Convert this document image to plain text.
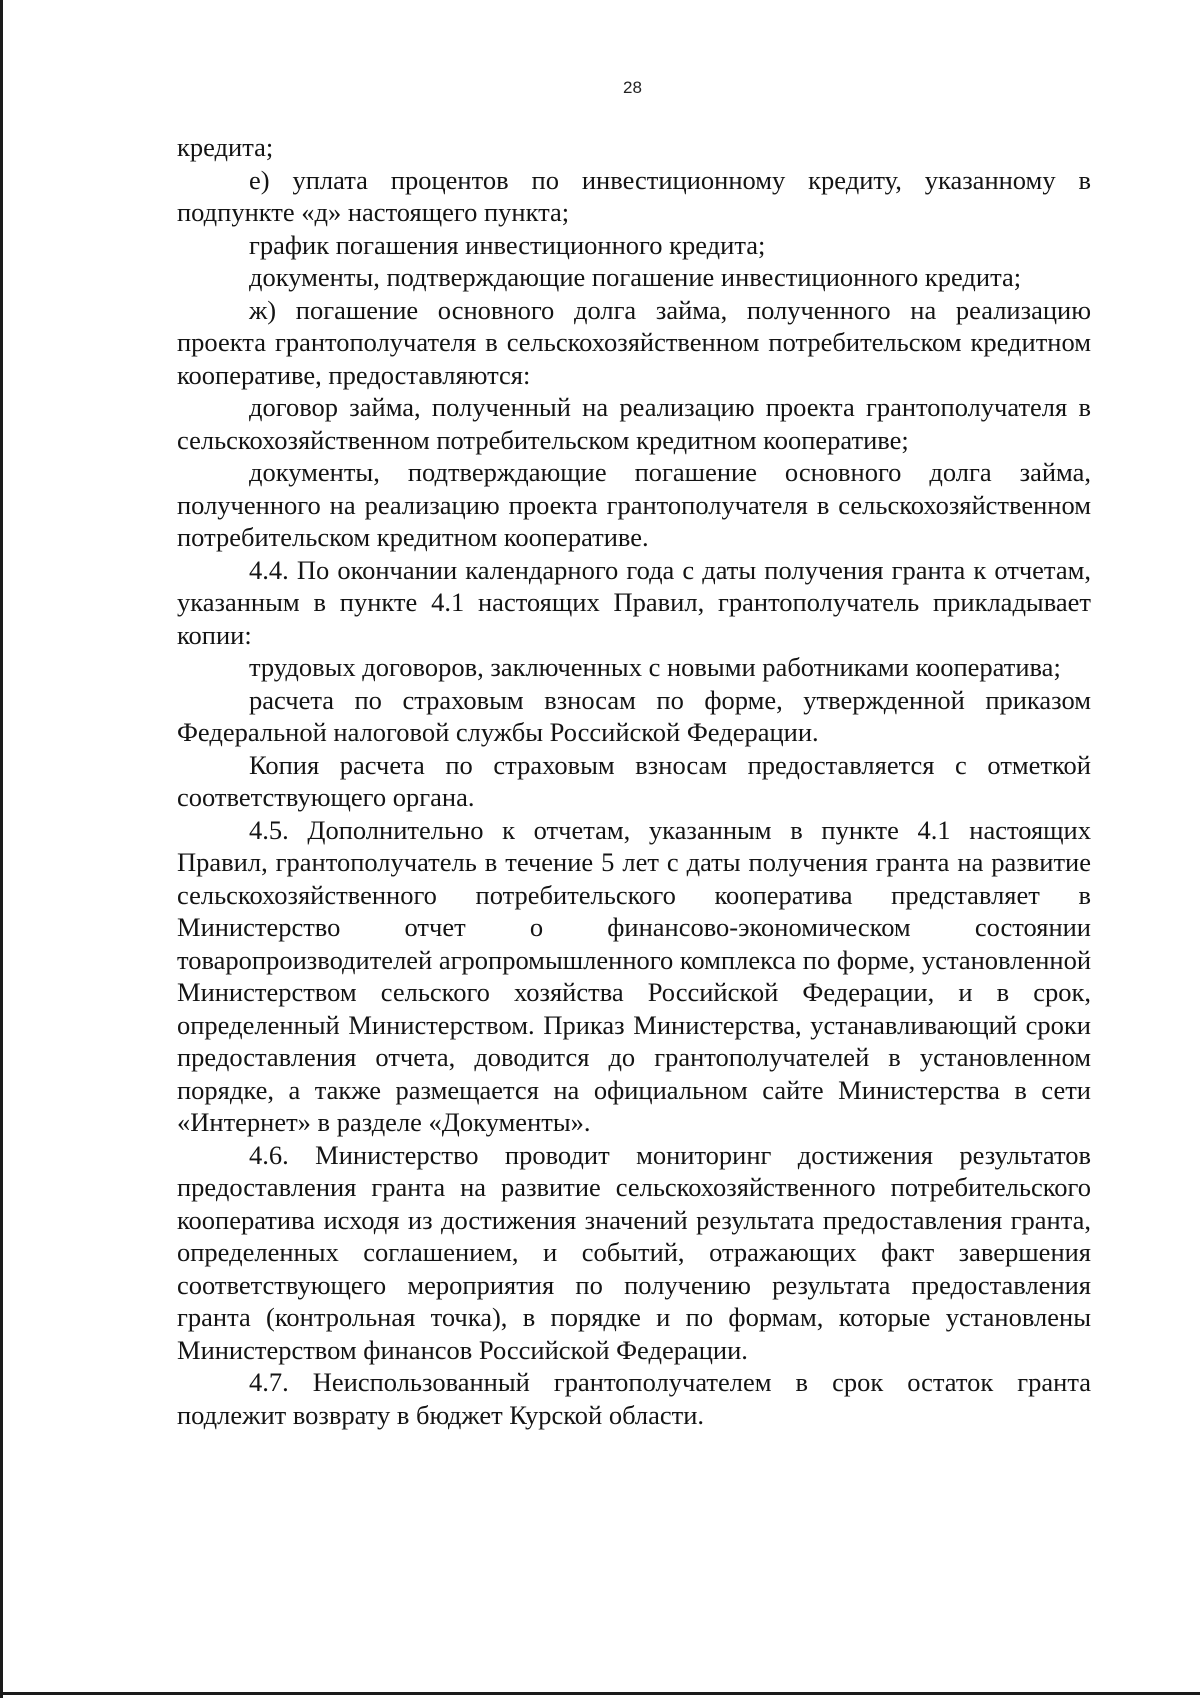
28

кредита;

е) уплата процентов по инвестиционному кредиту, указанному в подпункте «д» настоящего пункта;

график погашения инвестиционного кредита;

документы, подтверждающие погашение инвестиционного кредита;

ж) погашение основного долга займа, полученного на реализацию проекта грантополучателя в сельскохозяйственном потребительском кредитном кооперативе, предоставляются:

договор займа, полученный на реализацию проекта грантополучателя в сельскохозяйственном потребительском кредитном кооперативе;

документы, подтверждающие погашение основного долга займа, полученного на реализацию проекта грантополучателя в сельскохозяйственном потребительском кредитном кооперативе.

4.4. По окончании календарного года с даты получения гранта к отчетам, указанным в пункте 4.1 настоящих Правил, грантополучатель прикладывает копии:

трудовых договоров, заключенных с новыми работниками кооператива;

расчета по страховым взносам по форме, утвержденной приказом Федеральной налоговой службы Российской Федерации.

Копия расчета по страховым взносам предоставляется с отметкой соответствующего органа.

4.5. Дополнительно к отчетам, указанным в пункте 4.1 настоящих Правил, грантополучатель в течение 5 лет с даты получения гранта на развитие сельскохозяйственного потребительского кооператива представляет в Министерство отчет о финансово-экономическом состоянии товаропроизводителей агропромышленного комплекса по форме, установленной Министерством сельского хозяйства Российской Федерации, и в срок, определенный Министерством. Приказ Министерства, устанавливающий сроки предоставления отчета, доводится до грантополучателей в установленном порядке, а также размещается на официальном сайте Министерства в сети «Интернет» в разделе «Документы».

4.6. Министерство проводит мониторинг достижения результатов предоставления гранта на развитие сельскохозяйственного потребительского кооператива исходя из достижения значений результата предоставления гранта, определенных соглашением, и событий, отражающих факт завершения соответствующего мероприятия по получению результата предоставления гранта (контрольная точка), в порядке и по формам, которые установлены Министерством финансов Российской Федерации.

4.7. Неиспользованный грантополучателем в срок остаток гранта подлежит возврату в бюджет Курской области.
